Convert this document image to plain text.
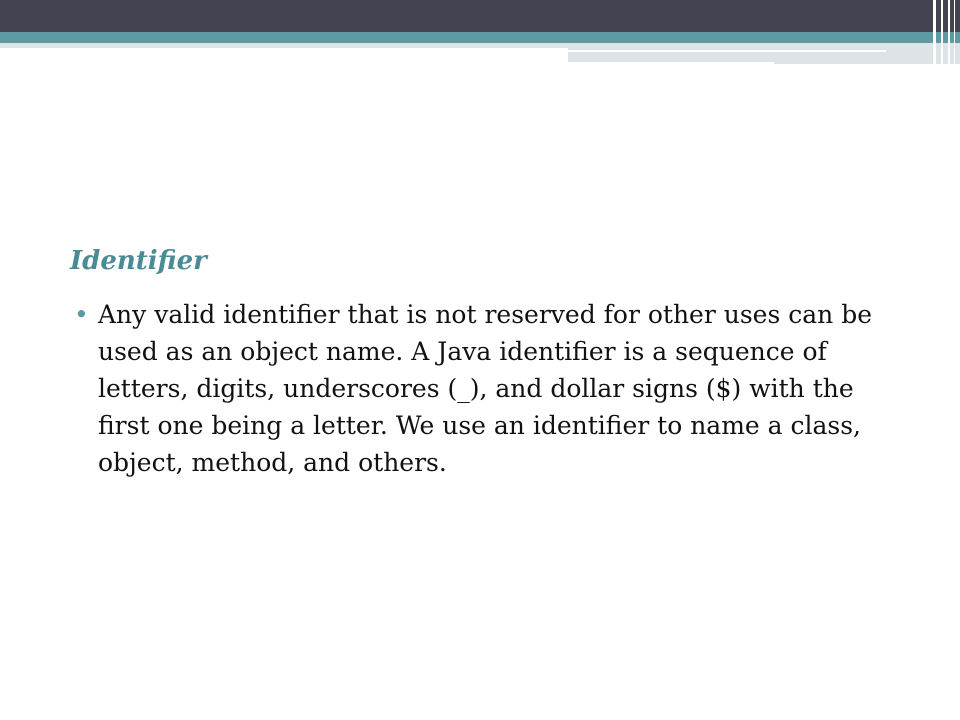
Identifier
• Any valid identifier that is not reserved for other uses can be used as an object name. A Java identifier is a sequence of letters, digits, underscores (_), and dollar signs ($) with the first one being a letter. We use an identifier to name a class, object, method, and others.
